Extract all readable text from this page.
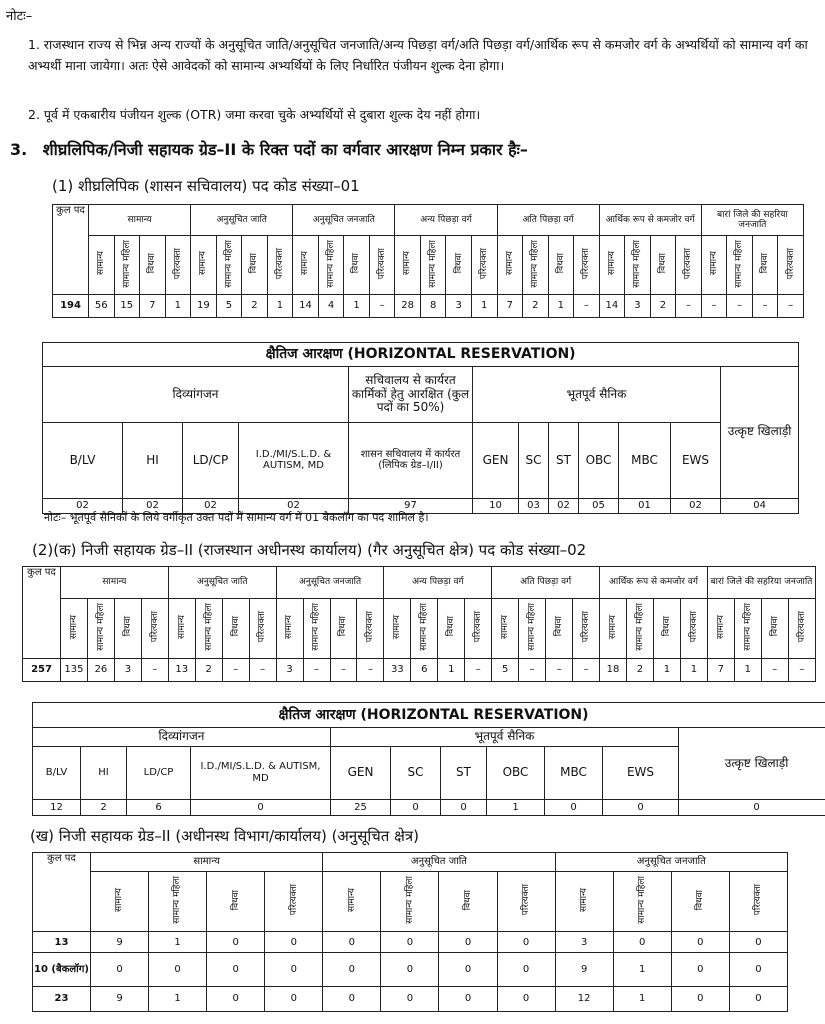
नोटः–
1. राजस्थान राज्य से भिन्न अन्य राज्यों के अनुसूचित जाति/अनुसूचित जनजाति/अन्य पिछड़ा वर्ग/अति पिछड़ा वर्ग/आर्थिक रूप से कमजोर वर्ग के अभ्यर्थियों को सामान्य वर्ग का अभ्यर्थी माना जायेगा। अतः ऐसे आवेदकों को सामान्य अभ्यर्थियों के लिए निर्धारित पंजीयन शुल्क देना होगा।
2. पूर्व में एकबारीय पंजीयन शुल्क (OTR) जमा करवा चुके अभ्यर्थियों से दुबारा शुल्क देय नहीं होगा।
3. शीघ्रलिपिक/निजी सहायक ग्रेड–II के रिक्त पदों का वर्गवार आरक्षण निम्न प्रकार हैः–
(1) शीघ्रलिपिक (शासन सचिवालय) पद कोड संख्या–01
कुल पद	सामान्य				अनुसूचित जाति				अनुसूचित जनजाति				अन्य पिछड़ा वर्ग				अति पिछड़ा वर्ग				आर्थिक रूप से कमजोर वर्ग				बारां जिले की सहरिया जनजाति			
	सामान्य	सामान्य महिला	विधवा	परित्यक्ता	सामान्य	सामान्य महिला	विधवा	परित्यक्ता	सामान्य	सामान्य महिला	विधवा	परित्यक्ता	सामान्य	सामान्य महिला	विधवा	परित्यक्ता	सामान्य	सामान्य महिला	विधवा	परित्यक्ता	सामान्य	सामान्य महिला	विधवा	परित्यक्ता	सामान्य	सामान्य महिला	विधवा	परित्यक्ता
194	56	15	7	1	19	5	2	1	14	4	1	–	28	8	3	1	7	2	1	–	14	3	2	–	–	–	–	–
क्षैतिज आरक्षण (HORIZONTAL RESERVATION)											
दिव्यांगजन				सचिवालय से कार्यरत कार्मिकों हेतु आरक्षित (कुल पदों का 50%)	भूतपूर्व सैनिक						उत्कृष्ट खिलाड़ी
B/LV	HI	LD/CP	I.D./MI/S.L.D. & AUTISM, MD	शासन सचिवालय में कार्यरत (लिपिक ग्रेड–I/II)	GEN	SC	ST	OBC	MBC	EWS	
02	02	02	02	97	10	03	02	05	01	02	04
नोटः– भूतपूर्व सैनिकों के लिये वर्गीकृत उक्त पदों में सामान्य वर्ग में 01 बैकलॉग का पद शामिल है।
(2)(क) निजी सहायक ग्रेड–II (राजस्थान अधीनस्थ कार्यालय) (गैर अनुसूचित क्षेत्र) पद कोड संख्या–02
कुल पद	सामान्य				अनुसूचित जाति				अनुसूचित जनजाति				अन्य पिछड़ा वर्ग				अति पिछड़ा वर्ग				आर्थिक रूप से कमजोर वर्ग				बारां जिले की सहरिया जनजाति			
	सामान्य	सामान्य महिला	विधवा	परित्यक्ता	सामान्य	सामान्य महिला	विधवा	परित्यक्ता	सामान्य	सामान्य महिला	विधवा	परित्यक्ता	सामान्य	सामान्य महिला	विधवा	परित्यक्ता	सामान्य	सामान्य महिला	विधवा	परित्यक्ता	सामान्य	सामान्य महिला	विधवा	परित्यक्ता	सामान्य	सामान्य महिला	विधवा	परित्यक्ता
257	135	26	3	–	13	2	–	–	3	–	–	–	33	6	1	–	5	–	–	–	18	2	1	1	7	1	–	–
क्षैतिज आरक्षण (HORIZONTAL RESERVATION)										
दिव्यांगजन				भूतपूर्व सैनिक						उत्कृष्ट खिलाड़ी
B/LV	HI	LD/CP	I.D./MI/S.L.D. & AUTISM, MD	GEN	SC	ST	OBC	MBC	EWS	
12	2	6	0	25	0	0	1	0	0	0
(ख) निजी सहायक ग्रेड–II (अधीनस्थ विभाग/कार्यालय) (अनुसूचित क्षेत्र)
कुल पद	सामान्य				अनुसूचित जाति				अनुसूचित जनजाति			
	सामान्य	सामान्य महिला	विधवा	परित्यक्ता	सामान्य	सामान्य महिला	विधवा	परित्यक्ता	सामान्य	सामान्य महिला	विधवा	परित्यक्ता
13	9	1	0	0	0	0	0	0	3	0	0	0
10 (बैकलॉग)	0	0	0	0	0	0	0	0	9	1	0	0
23	9	1	0	0	0	0	0	0	12	1	0	0
